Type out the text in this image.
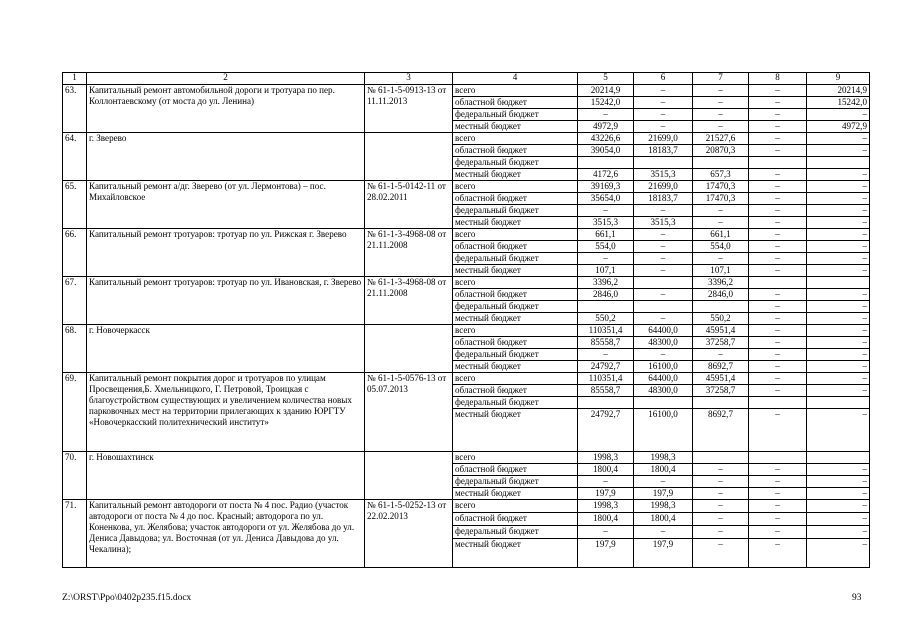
1	2	3	4	5	6	7	8	9
63.	Капитальный ремонт автомобильной дороги и тротуара по пер. Коллонтаевскому (от моста до ул. Ленина)	№ 61-1-5-0913-13 от 11.11.2013	всего	20214,9	–	–	–	20214,9
			областной бюджет	15242,0	–	–	–	15242,0
			федеральный бюджет	–	–	–	–	–
			местный бюджет	4972,9	–	–	–	4972,9
64.	г. Зверево		всего	43226,6	21699,0	21527,6	–	–
			областной бюджет	39054,0	18183,7	20870,3	–	–
			федеральный бюджет					
			местный бюджет	4172,6	3515,3	657,3	–	–
65.	Капитальный ремонт а/дг. Зверево (от ул. Лермонтова) – пос. Михайловское	№ 61-1-5-0142-11 от 28.02.2011	всего	39169,3	21699,0	17470,3	–	–
			областной бюджет	35654,0	18183,7	17470,3	–	–
			федеральный бюджет	–	–	–	–	–
			местный бюджет	3515,3	3515,3	–	–	–
66.	Капитальный ремонт тротуаров: тротуар по ул. Рижская г. Зверево	№ 61-1-3-4968-08 от 21.11.2008	всего	661,1	–	661,1	–	–
			областной бюджет	554,0	–	554,0	–	–
			федеральный бюджет	–	–	–	–	–
			местный бюджет	107,1	–	107,1	–	–
67.	Капитальный ремонт тротуаров: тротуар по ул. Ивановская, г. Зверево	№ 61-1-3-4968-08 от 21.11.2008	всего	3396,2		3396,2		
			областной бюджет	2846,0	–	2846,0	–	–
			федеральный бюджет				–	–
			местный бюджет	550,2	–	550,2	–	–
68.	г. Новочеркасск		всего	110351,4	64400,0	45951,4	–	–
			областной бюджет	85558,7	48300,0	37258,7	–	–
			федеральный бюджет	–	–	–	–	–
			местный бюджет	24792,7	16100,0	8692,7	–	–
69.	Капитальный ремонт покрытия дорог и тротуаров по улицам Просвещения,Б. Хмельницкого, Г. Петровой, Троицкая с благоустройством существующих и увеличением количества новых парковочных мест на территории прилегающих к зданию ЮРГТУ «Новочеркасский политехнический институт»	№ 61-1-5-0576-13 от 05.07.2013	всего	110351,4	64400,0	45951,4	–	–
			областной бюджет	85558,7	48300,0	37258,7	–	–
			федеральный бюджет					
			местный бюджет	24792,7	16100,0	8692,7	–	–
70.	г. Новошахтинск		всего	1998,3	1998,3			
			областной бюджет	1800,4	1800,4	–	–	–
			федеральный бюджет	–	–	–	–	–
			местный бюджет	197,9	197,9	–	–	–
71.	Капитальный ремонт автодороги от поста № 4 пос. Радио (участок автодороги от поста № 4 до пос. Красный; автодорога по ул. Коненкова, ул. Желябова; участок автодороги от ул. Желябова до ул. Дениса Давыдова; ул. Восточная (от ул. Дениса Давыдова до ул. Чекалина);	№ 61-1-5-0252-13 от 22.02.2013	всего	1998,3	1998,3	–	–	–
			областной бюджет	1800,4	1800,4	–	–	–
			федеральный бюджет	–	–	–	–	–
			местный бюджет	197,9	197,9	–	–	–
Z:\ORST\Ppo\0402p235.f15.docx	93
